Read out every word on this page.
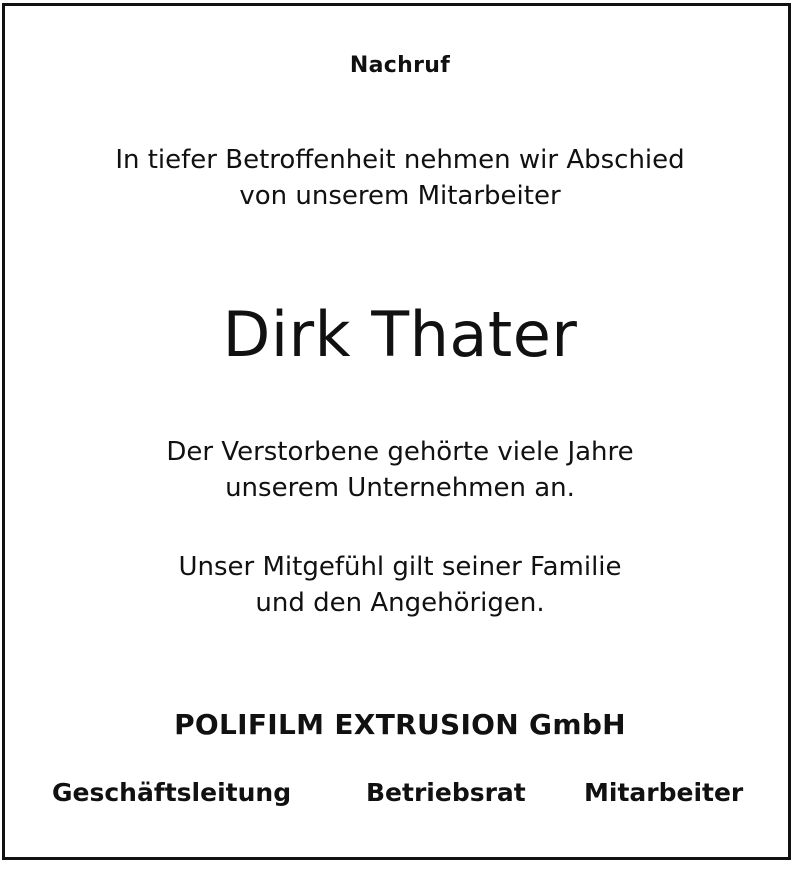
Nachruf
In tiefer Betroffenheit nehmen wir Abschied
von unserem Mitarbeiter
Dirk Thater
Der Verstorbene gehörte viele Jahre
unserem Unternehmen an.
Unser Mitgefühl gilt seiner Familie
und den Angehörigen.
POLIFILM EXTRUSION GmbH
Geschäftsleitung	Betriebsrat Mitarbeiter
